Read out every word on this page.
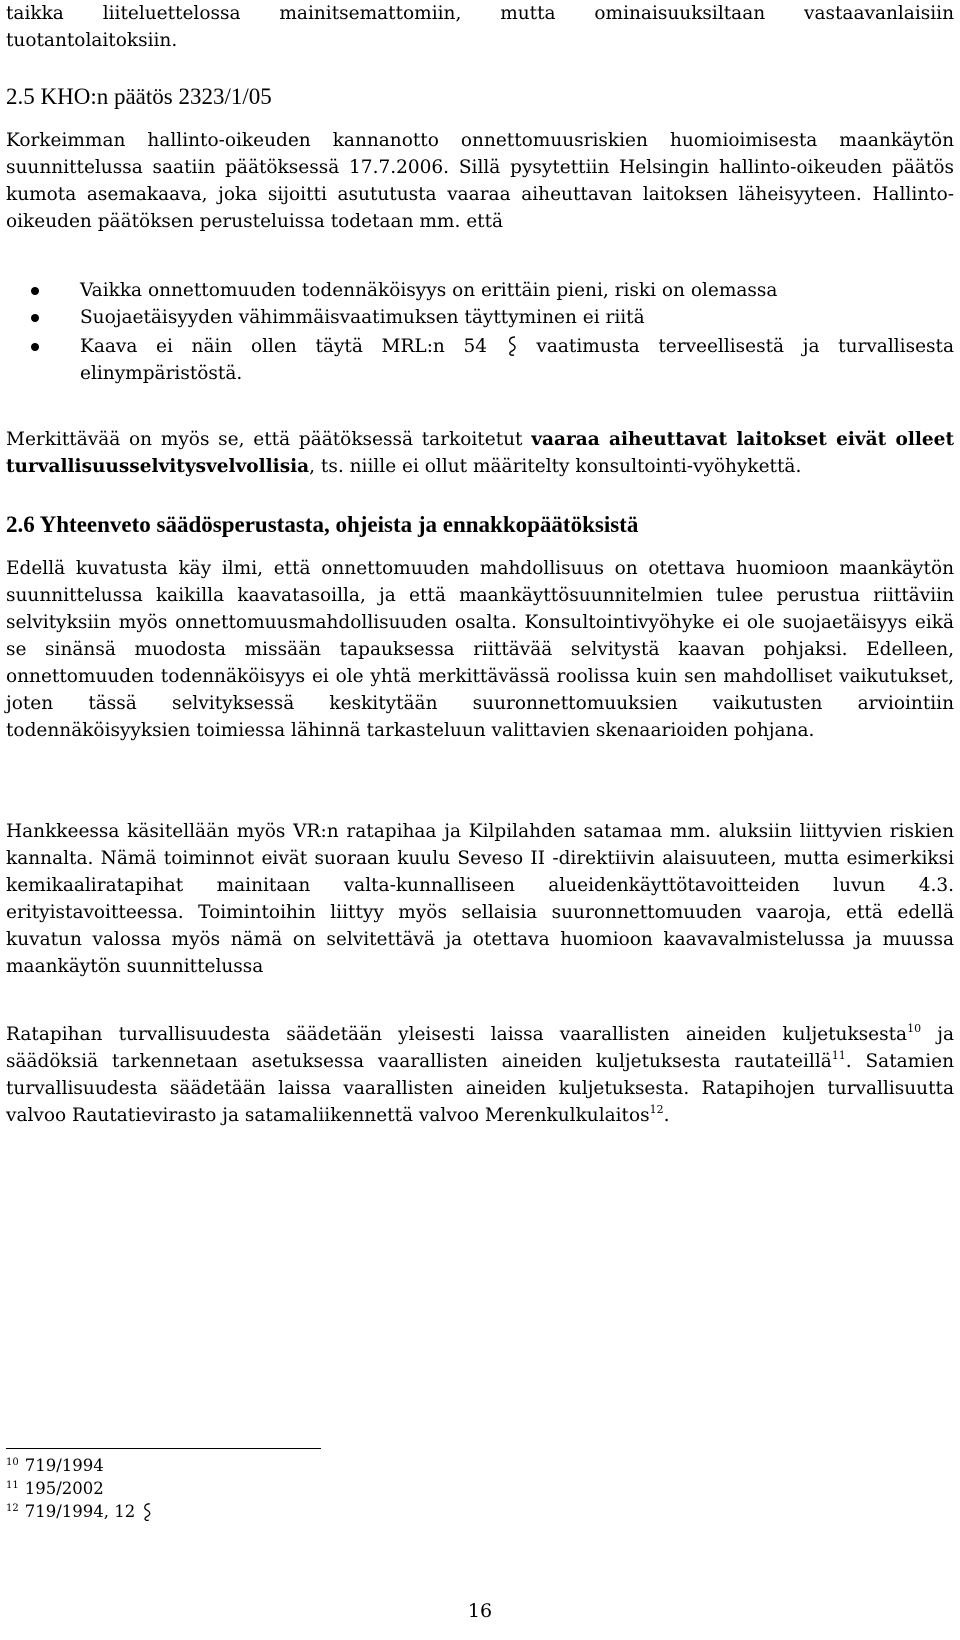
taikka liiteluettelossa mainitsemattomiin, mutta ominaisuuksiltaan vastaavanlaisiin

tuotantolaitoksiin.

2.5 KHO:n päätös 2323/1/05

Korkeimman hallinto-oikeuden kannanotto onnettomuusriskien huomioimisesta maankäytön suunnittelussa saatiin päätöksessä 17.7.2006. Sillä pysytettiin Helsingin hallinto-oikeuden päätös kumota asemakaava, joka sijoitti asututusta vaaraa aiheuttavan laitoksen läheisyyteen. Hallinto-oikeuden päätöksen perusteluissa todetaan mm. että

Vaikka onnettomuuden todennäköisyys on erittäin pieni, riski on olemassa
Suojaetäisyyden vähimmäisvaatimuksen täyttyminen ei riitä
Kaava ei näin ollen täytä MRL:n 54	vaatimusta terveellisestä ja turvallisesta elinympäristöstä.

Merkittävää on myös se, että päätöksessä tarkoitetut vaaraa aiheuttavat laitokset eivät olleet turvallisuusselvitysvelvollisia, ts. niille ei ollut määritelty konsultointi-vyöhykettä.

2.6 Yhteenveto säädösperustasta, ohjeista ja ennakkopäätöksistä

Edellä kuvatusta käy ilmi, että onnettomuuden mahdollisuus on otettava huomioon maankäytön suunnittelussa kaikilla kaavatasoilla, ja että maankäyttösuunnitelmien tulee perustua riittäviin selvityksiin myös onnettomuusmahdollisuuden osalta. Konsultointivyöhyke ei ole suojaetäisyys eikä se sinänsä muodosta missään tapauksessa riittävää selvitystä kaavan pohjaksi. Edelleen, onnettomuuden todennäköisyys ei ole yhtä merkittävässä roolissa kuin sen mahdolliset vaikutukset, joten tässä selvityksessä keskitytään suuronnettomuuksien vaikutusten arviointiin todennäköisyyksien toimiessa lähinnä tarkasteluun valittavien skenaarioiden pohjana.

Hankkeessa käsitellään myös VR:n ratapihaa ja Kilpilahden satamaa mm. aluksiin liittyvien riskien kannalta. Nämä toiminnot eivät suoraan kuulu Seveso II -direktiivin alaisuuteen, mutta esimerkiksi kemikaaliratapihat mainitaan valta-kunnalliseen alueidenkäyttötavoitteiden luvun 4.3. erityistavoitteessa. Toimintoihin liittyy myös sellaisia suuronnettomuuden vaaroja, että edellä kuvatun valossa myös nämä on selvitettävä ja otettava huomioon kaavavalmistelussa ja muussa maankäytön suunnittelussa

Ratapihan turvallisuudesta säädetään yleisesti laissa vaarallisten aineiden kuljetuksesta$^{10}$ ja säädöksiä tarkennetaan asetuksessa vaarallisten aineiden kuljetuksesta rautateillä$^{11}$. Satamien turvallisuudesta säädetään laissa vaarallisten aineiden kuljetuksesta. Ratapihojen turvallisuutta valvoo Rautatievirasto ja satamaliikennettä valvoo Merenkulkulaitos$^{12}$.

$^{10}$ 719/1994
$^{11}$ 195/2002
$^{12}$ 719/1994, 12
16
